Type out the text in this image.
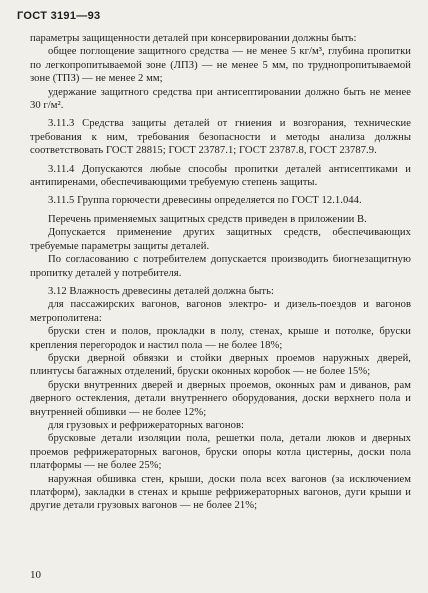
ГОСТ 3191—93

параметры защищенности деталей при консервировании должны быть:

общее поглощение защитного средства — не менее 5 кг/м³, глубина пропитки по легкопропитываемой зоне (ЛПЗ) — не менее 5 мм, по труднопропитываемой зоне (ТПЗ) — не менее 2 мм;

удержание защитного средства при антисептировании должно быть не менее 30 г/м².

3.11.3 Средства защиты деталей от гниения и возгорания, технические требования к ним, требования безопасности и методы анализа должны соответствовать ГОСТ 28815; ГОСТ 23787.1; ГОСТ 23787.8, ГОСТ 23787.9.

3.11.4 Допускаются любые способы пропитки деталей антисептиками и антипиренами, обеспечивающими требуемую степень защиты.

3.11.5 Группа горючести древесины определяется по ГОСТ 12.1.044.

Перечень применяемых защитных средств приведен в приложении В.

Допускается применение других защитных средств, обеспечивающих требуемые параметры защиты деталей.

По согласованию с потребителем допускается производить биогнезащитную пропитку деталей у потребителя.

3.12 Влажность древесины деталей должна быть:

для пассажирских вагонов, вагонов электро- и дизель-поездов и вагонов метрополитена:

бруски стен и полов, прокладки в полу, стенах, крыше и потолке, бруски крепления перегородок и настил пола — не более 18%;

бруски дверной обвязки и стойки дверных проемов наружных дверей, плинтусы багажных отделений, бруски оконных коробок — не более 15%;

бруски внутренних дверей и дверных проемов, оконных рам и диванов, рам дверного остекления, детали внутреннего оборудования, доски верхнего пола и внутренней обшивки — не более 12%;

для грузовых и рефрижераторных вагонов:

брусковые детали изоляции пола, решетки пола, детали люков и дверных проемов рефрижераторных вагонов, бруски опоры котла цистерны, доски пола платформы — не более 25%;

наружная обшивка стен, крыши, доски пола всех вагонов (за исключением платформ), закладки в стенах и крыше рефрижераторных вагонов, дуги крыши и другие детали грузовых вагонов — не более 21%;

10
